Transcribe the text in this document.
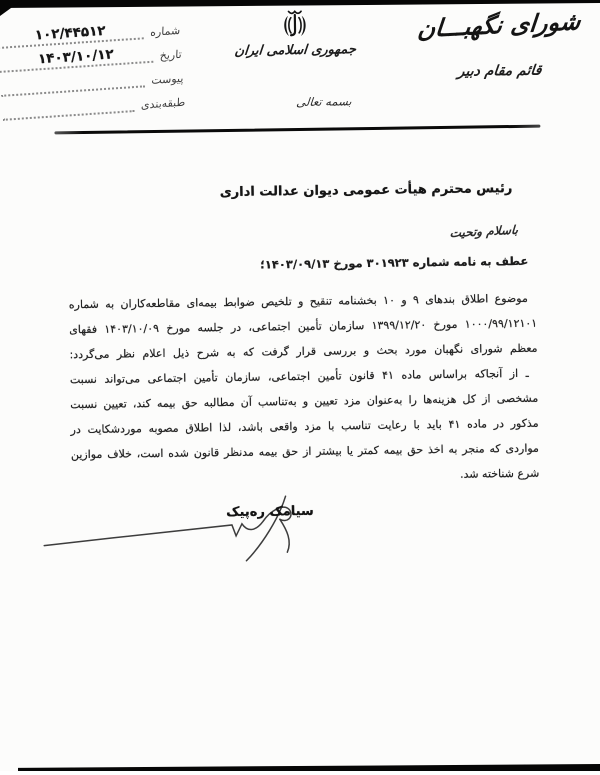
شماره
۱۰۲/۴۴۵۱۲
تاریخ
۱۴۰۳/۱۰/۱۲
پیوست
طبقه‌بندی
جمهوری اسلامی ایران
بسمه تعالی
شورای نگهبـــان
قائم مقام دبیر
رئیس محترم هیأت عمومی دیوان عدالت اداری
باسلام وتحیت
عطف به نامه شماره ۳۰۱۹۲۳ مورخ ۱۴۰۳/۰۹/۱۳؛
موضوع اطلاق بندهای ۹ و ۱۰ بخشنامه تنقیح و تلخیص ضوابط بیمه‌ای مقاطعه‌کاران به شماره
۱۰۰۰/۹۹/۱۲۱۰۱ مورخ ۱۳۹۹/۱۲/۲۰ سازمان تأمین اجتماعی، در جلسه مورخ ۱۴۰۳/۱۰/۰۹ فقهای
معظم شورای نگهبان مورد بحث و بررسی قرار گرفت که به شرح ذیل اعلام نظر می‌گردد:
ـ از آنجاکه براساس ماده ۴۱ قانون تأمین اجتماعی، سازمان تأمین اجتماعی می‌تواند نسبت
مشخصی از کل هزینه‌ها را به‌عنوان مزد تعیین و به‌تناسب آن مطالبه حق بیمه کند، تعیین نسبت
مذکور در ماده ۴۱ باید با رعایت تناسب با مزد واقعی باشد، لذا اطلاق مصوبه موردشکایت در
مواردی که منجر به اخذ حق بیمه کمتر یا بیشتر از حق بیمه مدنظر قانون شده است، خلاف موازین
شرع شناخته شد.
سیامک ره‌پیک
